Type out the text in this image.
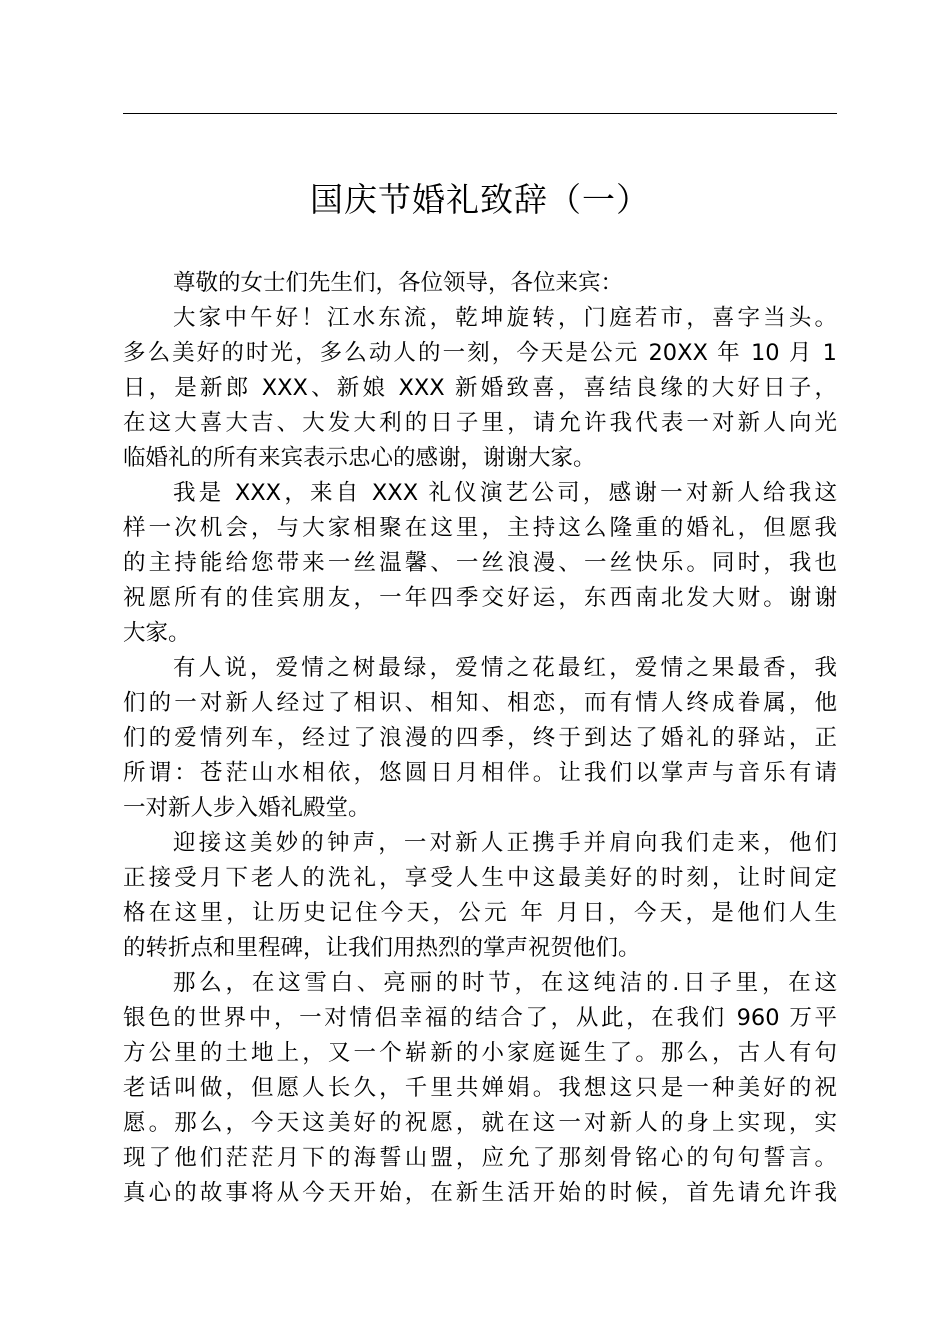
国庆节婚礼致辞（一）
尊敬的女士们先生们，各位领导，各位来宾：
大家中午好！江水东流，乾坤旋转，门庭若市，喜字当头。
多么美好的时光，多么动人的一刻，今天是公元 20XX 年 10 月 1
日，是新郎 XXX、新娘 XXX 新婚致喜，喜结良缘的大好日子，
在这大喜大吉、大发大利的日子里，请允许我代表一对新人向光
临婚礼的所有来宾表示忠心的感谢，谢谢大家。
我是 XXX，来自 XXX 礼仪演艺公司，感谢一对新人给我这
样一次机会，与大家相聚在这里，主持这么隆重的婚礼，但愿我
的主持能给您带来一丝温馨、一丝浪漫、一丝快乐。同时，我也
祝愿所有的佳宾朋友，一年四季交好运，东西南北发大财。谢谢
大家。
有人说，爱情之树最绿，爱情之花最红，爱情之果最香，我
们的一对新人经过了相识、相知、相恋，而有情人终成眷属，他
们的爱情列车，经过了浪漫的四季，终于到达了婚礼的驿站，正
所谓：苍茫山水相依，悠圆日月相伴。让我们以掌声与音乐有请
一对新人步入婚礼殿堂。
迎接这美妙的钟声，一对新人正携手并肩向我们走来，他们
正接受月下老人的洗礼，享受人生中这最美好的时刻，让时间定
格在这里，让历史记住今天，公元 年 月日，今天，是他们人生
的转折点和里程碑，让我们用热烈的掌声祝贺他们。
那么，在这雪白、亮丽的时节，在这纯洁的.日子里，在这
银色的世界中，一对情侣幸福的结合了，从此，在我们 960 万平
方公里的土地上，又一个崭新的小家庭诞生了。那么，古人有句
老话叫做，但愿人长久，千里共婵娟。我想这只是一种美好的祝
愿。那么，今天这美好的祝愿，就在这一对新人的身上实现，实
现了他们茫茫月下的海誓山盟，应允了那刻骨铭心的句句誓言。
真心的故事将从今天开始，在新生活开始的时候，首先请允许我
